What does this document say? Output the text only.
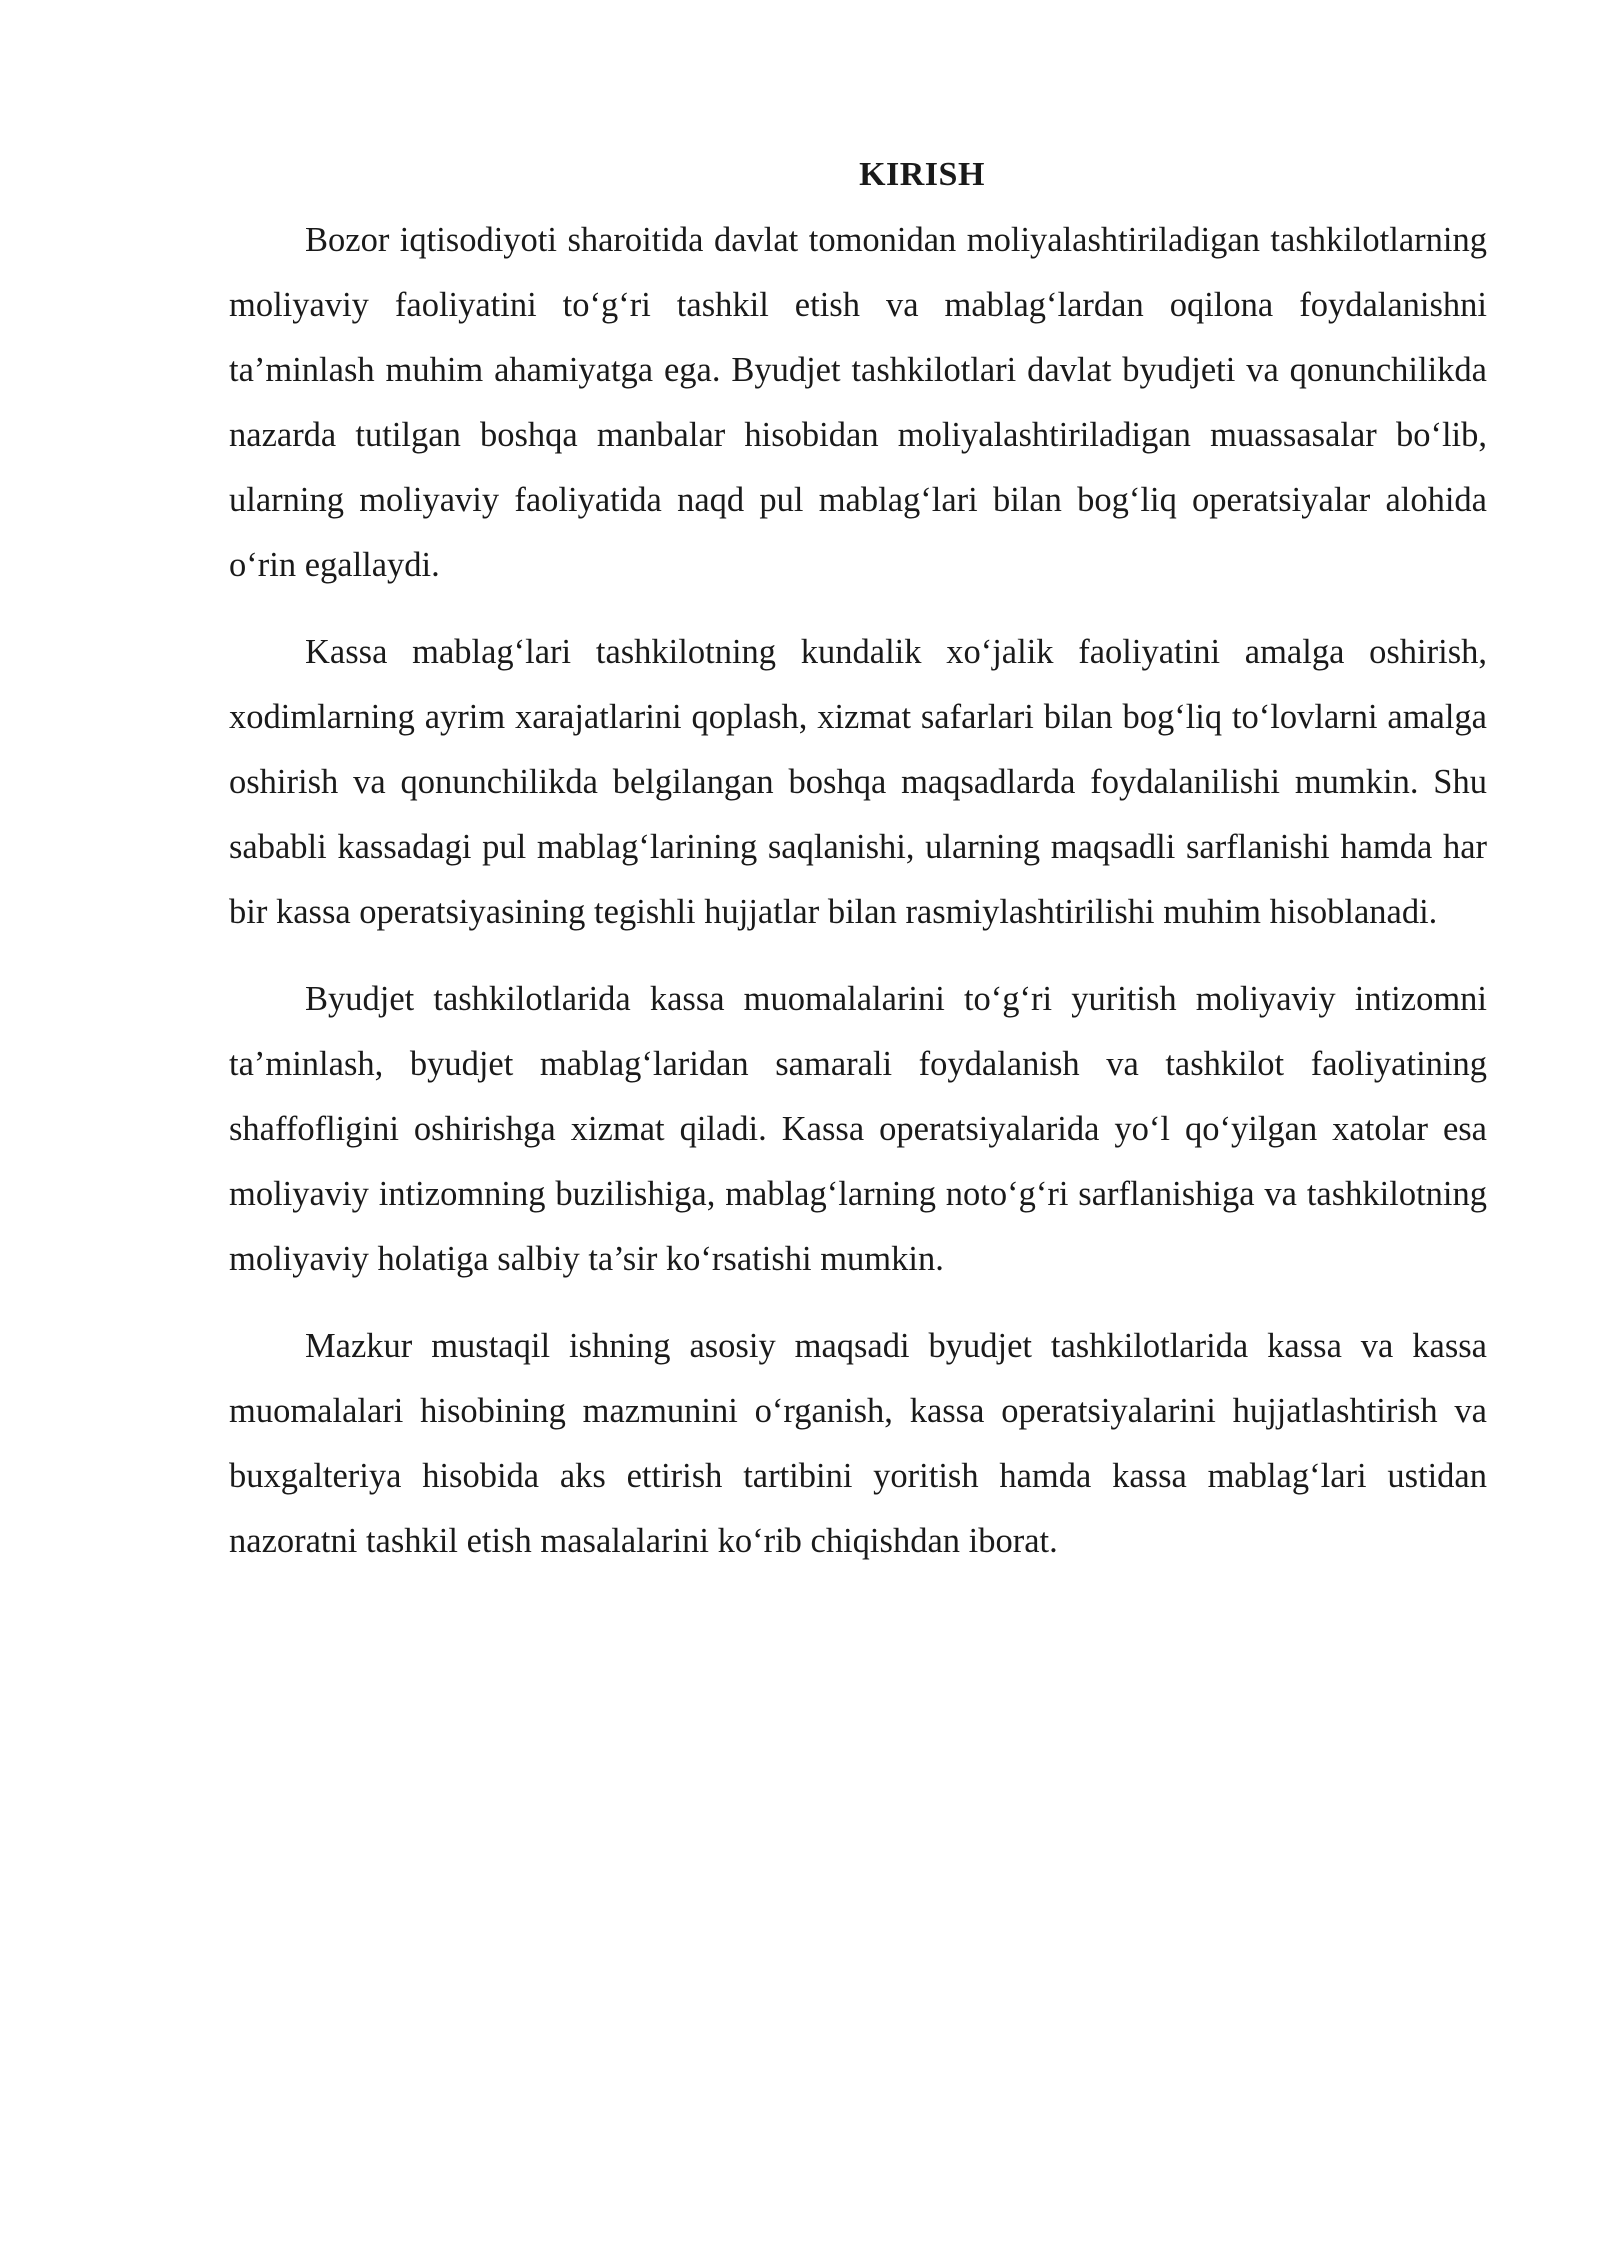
KIRISH

Bozor iqtisodiyoti sharoitida davlat tomonidan moliyalashtiriladigan tashkilotlarning moliyaviy faoliyatini to‘g‘ri tashkil etish va mablag‘lardan oqilona foydalanishni ta’minlash muhim ahamiyatga ega. Byudjet tashkilotlari davlat byudjeti va qonunchilikda nazarda tutilgan boshqa manbalar hisobidan moliyalashtiriladigan muassasalar bo‘lib, ularning moliyaviy faoliyatida naqd pul mablag‘lari bilan bog‘liq operatsiyalar alohida o‘rin egallaydi.

Kassa mablag‘lari tashkilotning kundalik xo‘jalik faoliyatini amalga oshirish, xodimlarning ayrim xarajatlarini qoplash, xizmat safarlari bilan bog‘liq to‘lovlarni amalga oshirish va qonunchilikda belgilangan boshqa maqsadlarda foydalanilishi mumkin. Shu sababli kassadagi pul mablag‘larining saqlanishi, ularning maqsadli sarflanishi hamda har bir kassa operatsiyasining tegishli hujjatlar bilan rasmiylashtirilishi muhim hisoblanadi.

Byudjet tashkilotlarida kassa muomalalarini to‘g‘ri yuritish moliyaviy intizomni ta’minlash, byudjet mablag‘laridan samarali foydalanish va tashkilot faoliyatining shaffofligini oshirishga xizmat qiladi. Kassa operatsiyalarida yo‘l qo‘yilgan xatolar esa moliyaviy intizomning buzilishiga, mablag‘larning noto‘g‘ri sarflanishiga va tashkilotning moliyaviy holatiga salbiy ta’sir ko‘rsatishi mumkin.

Mazkur mustaqil ishning asosiy maqsadi byudjet tashkilotlarida kassa va kassa muomalalari hisobining mazmunini o‘rganish, kassa operatsiyalarini hujjatlashtirish va buxgalteriya hisobida aks ettirish tartibini yoritish hamda kassa mablag‘lari ustidan nazoratni tashkil etish masalalarini ko‘rib chiqishdan iborat.
